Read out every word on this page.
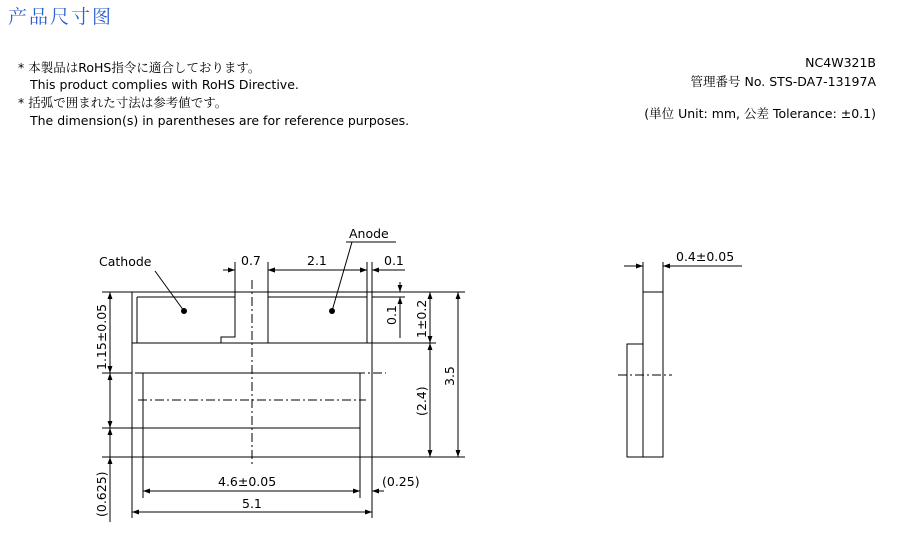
产品尺寸图
* 本製品はRoHS指令に適合しております。
This product complies with RoHS Directive.
* 括弧で囲まれた寸法は参考値です。
The dimension(s) in parentheses are for reference purposes.
NC4W321B
管理番号 No. STS-DA7-13197A
(単位 Unit: mm, 公差 Tolerance: ±0.1)
Cathode
Anode
0.7	2.1	0.1
0.1 1±0.2
(2.4)
3.5
1.15±0.05
(0.625)	4.6±0.05	(0.25)
5.1
0.4±0.05
